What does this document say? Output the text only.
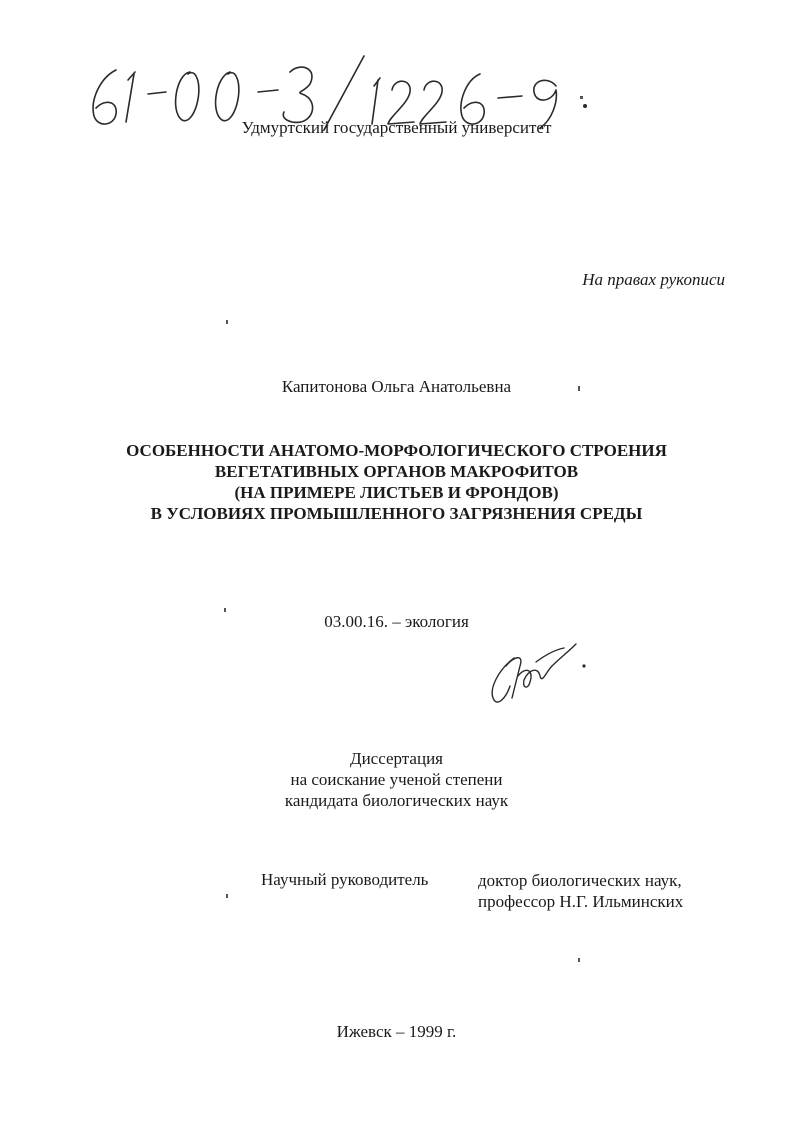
Удмуртский государственный университет
На правах рукописи
Капитонова Ольга Анатольевна
ОСОБЕННОСТИ АНАТОМО-МОРФОЛОГИЧЕСКОГО СТРОЕНИЯ
ВЕГЕТАТИВНЫХ ОРГАНОВ МАКРОФИТОВ
(НА ПРИМЕРЕ ЛИСТЬЕВ И ФРОНДОВ)
В УСЛОВИЯХ ПРОМЫШЛЕННОГО ЗАГРЯЗНЕНИЯ СРЕДЫ
03.00.16. – экология
Диссертация
на соискание ученой степени
кандидата биологических наук
Научный руководитель	доктор биологических наук,
профессор Н.Г. Ильминских
Ижевск – 1999 г.
